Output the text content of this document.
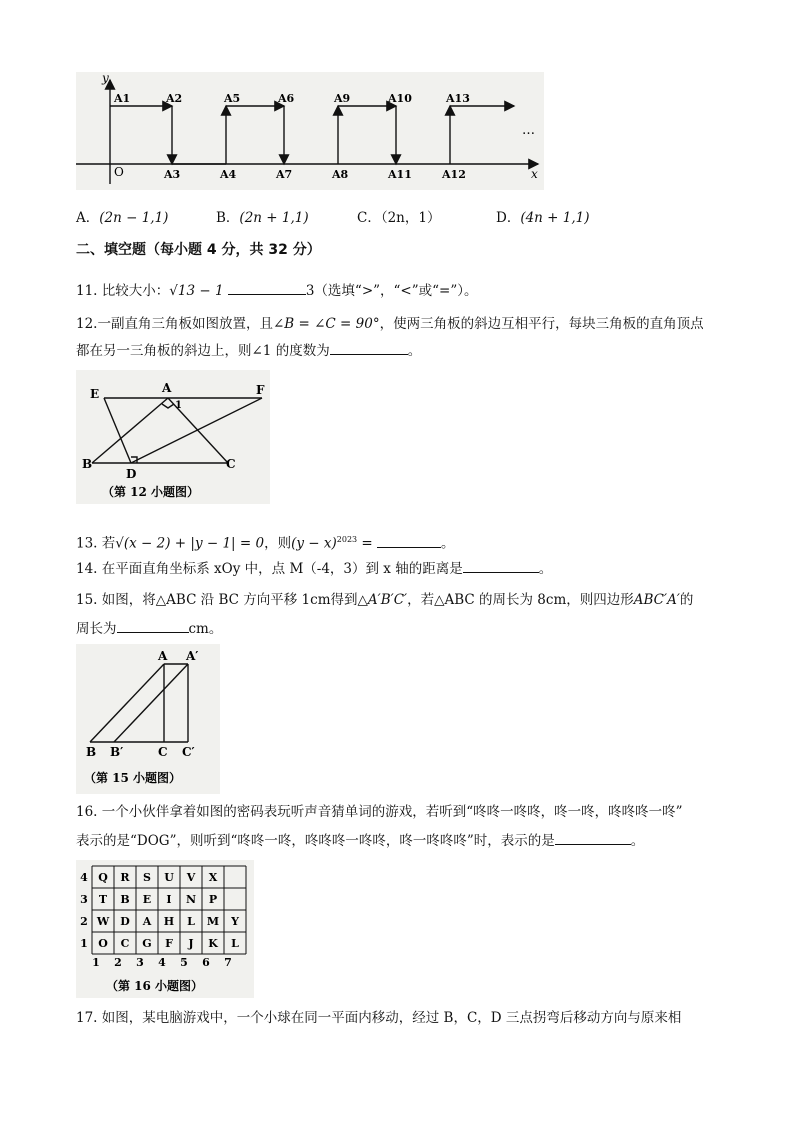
y
x
O
A1	A2
A3	A4
A5	A6
A7	A8
A9	A10
A11	A12
A13
…
A．(2n − 1,1)	B．(2n + 1,1)	C．（2n，1）	D．(4n + 1,1)
二、填空题（每小题 4 分，共 32 分）
11. 比较大小：√13 − 1	3（选填“>”，“<”或“=”）。
12.一副直角三角板如图放置，且∠B = ∠C = 90°，使两三角板的斜边互相平行，每块三角板的直角顶点
都在另一三角板的斜边上，则∠1 的度数为	。
E	A
1
F
B
D
C
（第 12 小题图）
13. 若√(x − 2) + |y − 1| = 0，则$(y - x)^{2023}$ =	。
14. 在平面直角坐标系 xOy 中，点 M（-4，3）到 x 轴的距离是	。
15. 如图，将△ABC 沿 BC 方向平移 1cm得到△A′B′C′，若△ABC 的周长为 8cm，则四边形ABC′A′的
周长为	cm。
A A′
B B′	C C′
（第 15 小题图）
16. 一个小伙伴拿着如图的密码表玩听声音猜单词的游戏，若听到“咚咚一咚咚，咚一咚，咚咚咚一咚”
表示的是“DOG”，则听到“咚咚一咚，咚咚咚一咚咚，咚一咚咚咚”时，表示的是	。
（第 16 小题图）
4 Q R S U V X
3 T B E I N P
2 W D A H L M Y
1 O C G F J K L
1 2 3 4 5 6 7
17. 如图，某电脑游戏中，一个小球在同一平面内移动，经过 B，C，D 三点拐弯后移动方向与原来相
